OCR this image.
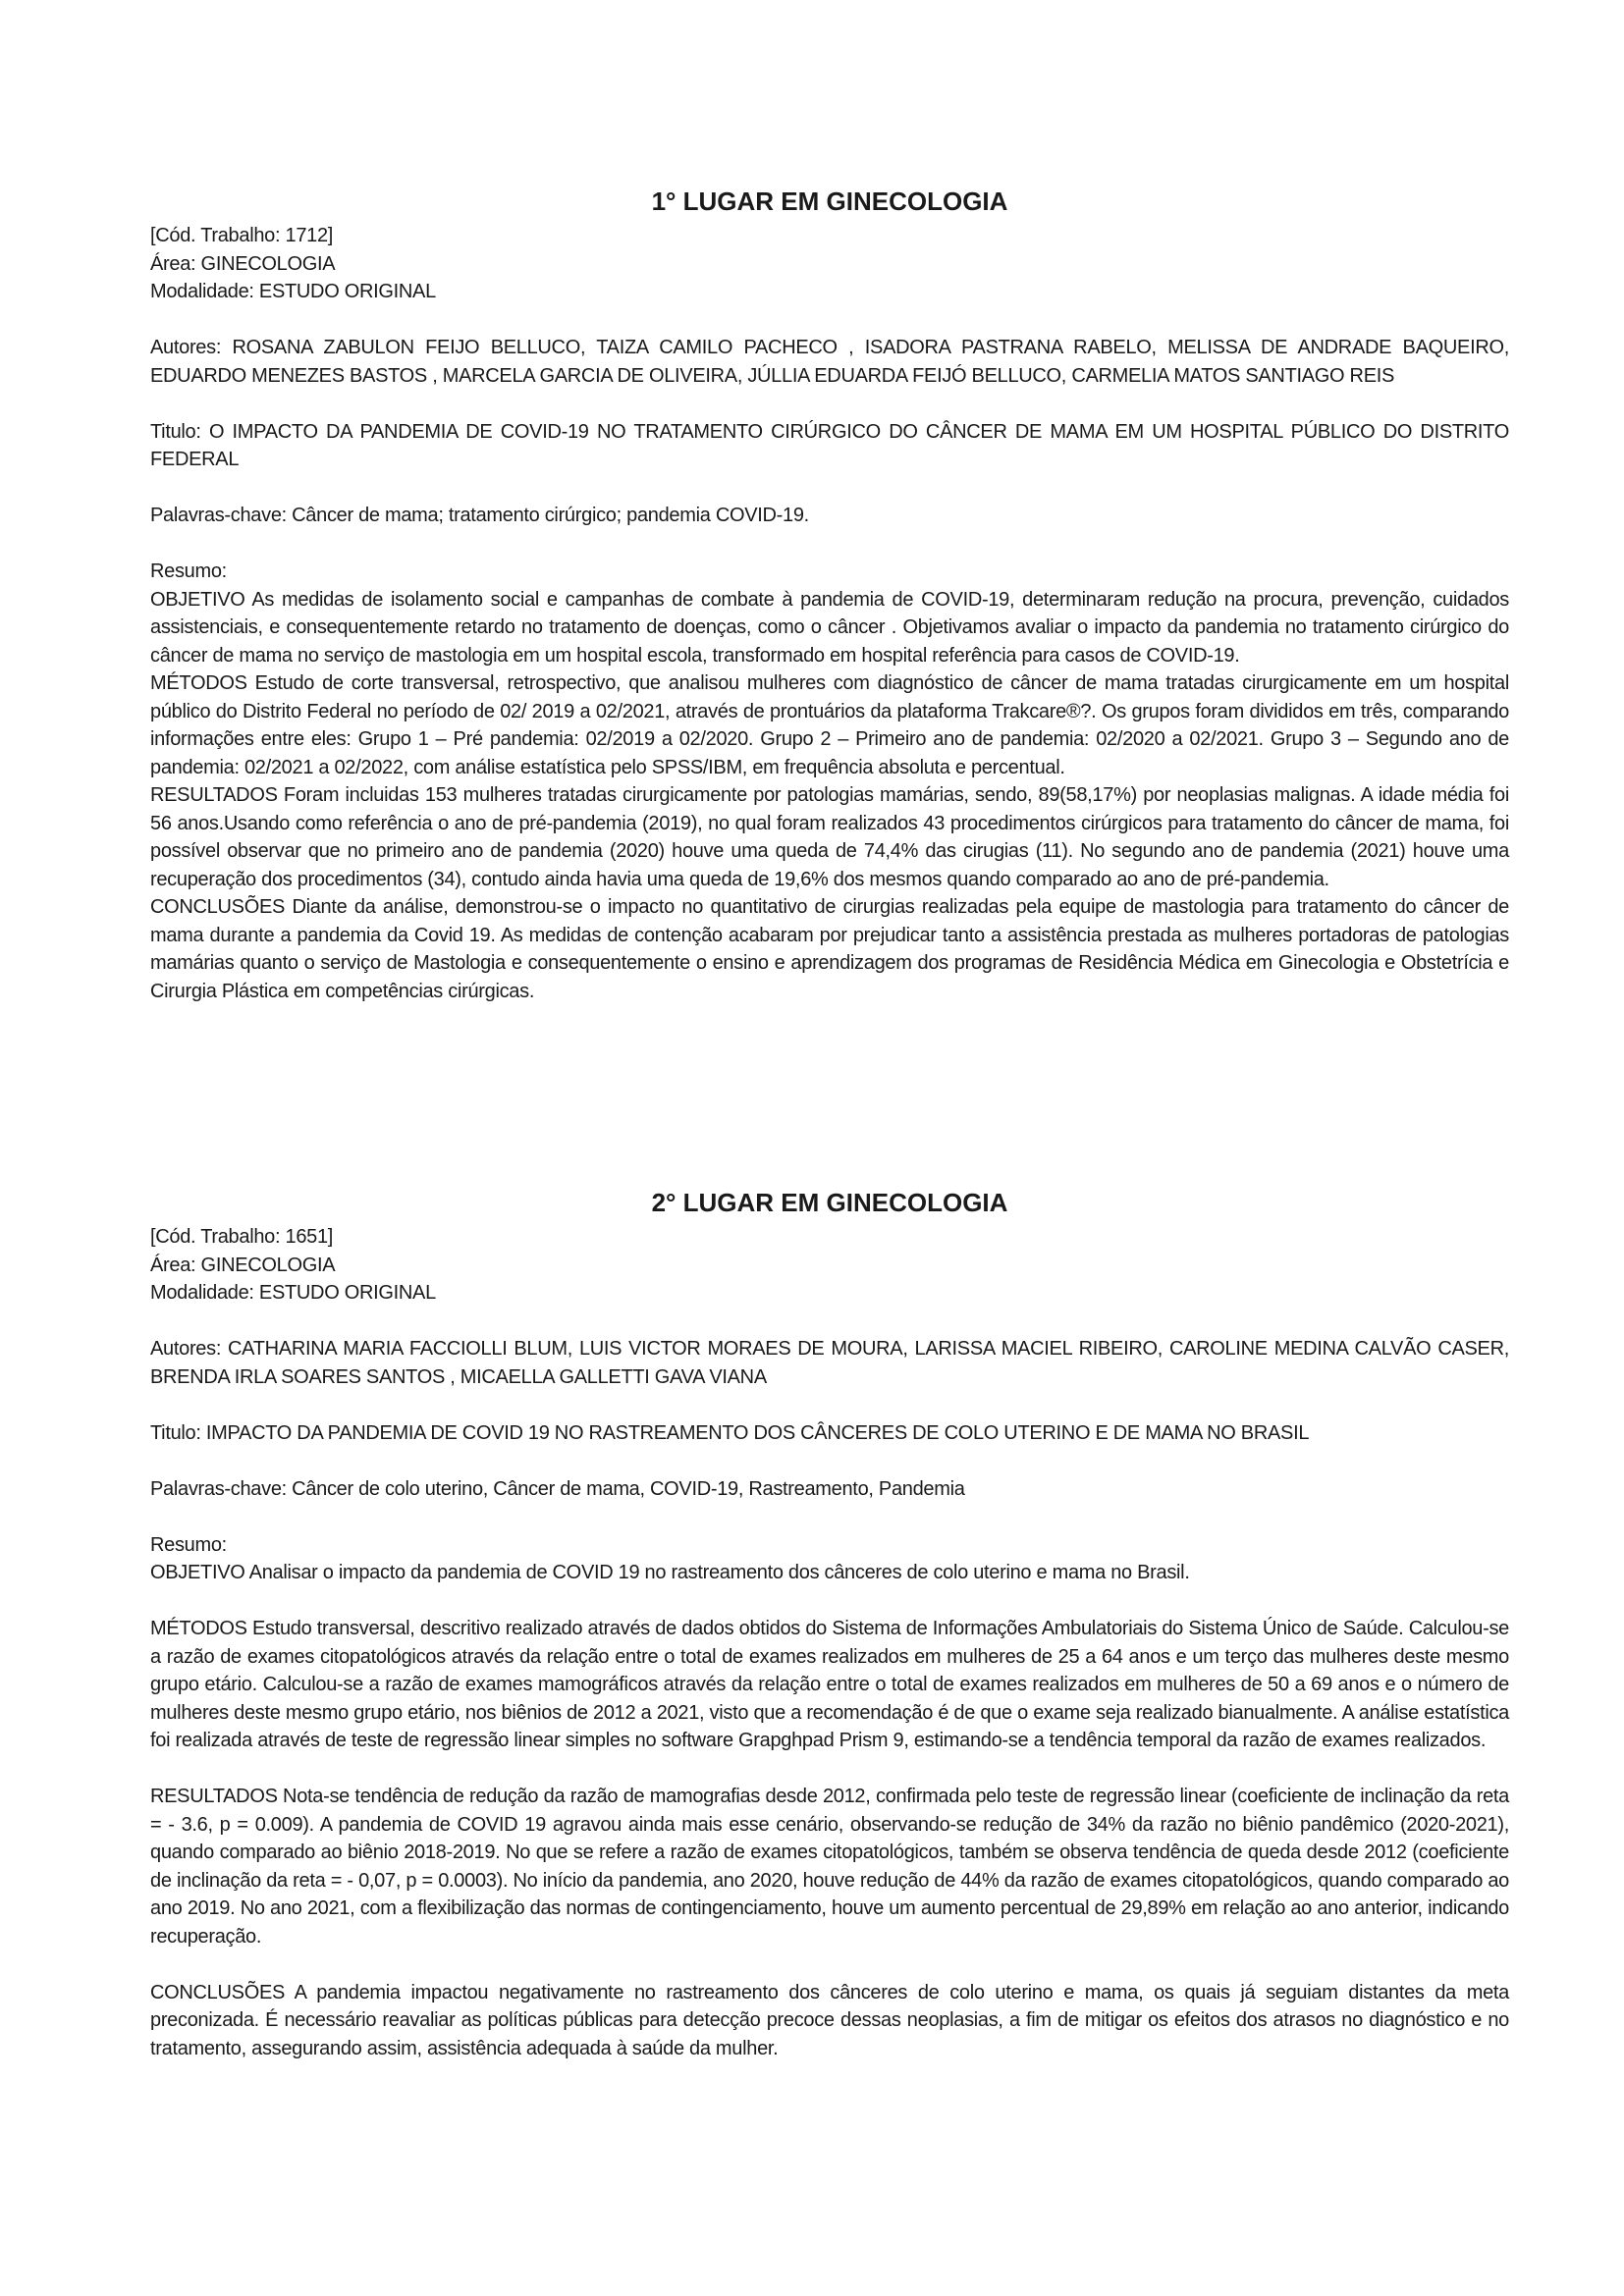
1° LUGAR EM GINECOLOGIA

[Cód. Trabalho: 1712]

Área: GINECOLOGIA

Modalidade: ESTUDO ORIGINAL

Autores: ROSANA ZABULON FEIJO BELLUCO, TAIZA CAMILO PACHECO , ISADORA PASTRANA RABELO, MELISSA DE ANDRADE BAQUEIRO, EDUARDO MENEZES BASTOS , MARCELA GARCIA DE OLIVEIRA, JÚLLIA EDUARDA FEIJÓ BELLUCO, CARMELIA MATOS SANTIAGO REIS

Titulo: O IMPACTO DA PANDEMIA DE COVID-19 NO TRATAMENTO CIRÚRGICO DO CÂNCER DE MAMA EM UM HOSPITAL PÚBLICO DO DISTRITO FEDERAL

Palavras-chave: Câncer de mama; tratamento cirúrgico; pandemia COVID-19.

Resumo:

OBJETIVO As medidas de isolamento social e campanhas de combate à pandemia de COVID-19, determinaram redução na procura, prevenção, cuidados assistenciais, e consequentemente retardo no tratamento de doenças, como o câncer . Objetivamos avaliar o impacto da pandemia no tratamento cirúrgico do câncer de mama no serviço de mastologia em um hospital escola, transformado em hospital referência para casos de COVID-19.

MÉTODOS Estudo de corte transversal, retrospectivo, que analisou mulheres com diagnóstico de câncer de mama tratadas cirurgicamente em um hospital público do Distrito Federal no período de 02/ 2019 a 02/2021, através de prontuários da plataforma Trakcare®?. Os grupos foram divididos em três, comparando informações entre eles: Grupo 1 – Pré pandemia: 02/2019 a 02/2020. Grupo 2 – Primeiro ano de pandemia: 02/2020 a 02/2021. Grupo 3 – Segundo ano de pandemia: 02/2021 a 02/2022, com análise estatística pelo SPSS/IBM, em frequência absoluta e percentual.

RESULTADOS Foram incluidas 153 mulheres tratadas cirurgicamente por patologias mamárias, sendo, 89(58,17%) por neoplasias malignas. A idade média foi 56 anos.Usando como referência o ano de pré-pandemia (2019), no qual foram realizados 43 procedimentos cirúrgicos para tratamento do câncer de mama, foi possível observar que no primeiro ano de pandemia (2020) houve uma queda de 74,4% das cirugias (11). No segundo ano de pandemia (2021) houve uma recuperação dos procedimentos (34), contudo ainda havia uma queda de 19,6% dos mesmos quando comparado ao ano de pré-pandemia.

CONCLUSÕES Diante da análise, demonstrou-se o impacto no quantitativo de cirurgias realizadas pela equipe de mastologia para tratamento do câncer de mama durante a pandemia da Covid 19. As medidas de contenção acabaram por prejudicar tanto a assistência prestada as mulheres portadoras de patologias mamárias quanto o serviço de Mastologia e consequentemente o ensino e aprendizagem dos programas de Residência Médica em Ginecologia e Obstetrícia e Cirurgia Plástica em competências cirúrgicas.

2° LUGAR EM GINECOLOGIA

[Cód. Trabalho: 1651]

Área: GINECOLOGIA

Modalidade: ESTUDO ORIGINAL

Autores: CATHARINA MARIA FACCIOLLI BLUM, LUIS VICTOR MORAES DE MOURA, LARISSA MACIEL RIBEIRO, CAROLINE MEDINA CALVÃO CASER, BRENDA IRLA SOARES SANTOS , MICAELLA GALLETTI GAVA VIANA

Titulo: IMPACTO DA PANDEMIA DE COVID 19 NO RASTREAMENTO DOS CÂNCERES DE COLO UTERINO E DE MAMA NO BRASIL

Palavras-chave: Câncer de colo uterino, Câncer de mama, COVID-19, Rastreamento, Pandemia

Resumo:

OBJETIVO Analisar o impacto da pandemia de COVID 19 no rastreamento dos cânceres de colo uterino e mama no Brasil.

MÉTODOS Estudo transversal, descritivo realizado através de dados obtidos do Sistema de Informações Ambulatoriais do Sistema Único de Saúde. Calculou-se a razão de exames citopatológicos através da relação entre o total de exames realizados em mulheres de 25 a 64 anos e um terço das mulheres deste mesmo grupo etário. Calculou-se a razão de exames mamográficos através da relação entre o total de exames realizados em mulheres de 50 a 69 anos e o número de mulheres deste mesmo grupo etário, nos biênios de 2012 a 2021, visto que a recomendação é de que o exame seja realizado bianualmente. A análise estatística foi realizada através de teste de regressão linear simples no software Grapghpad Prism 9, estimando-se a tendência temporal da razão de exames realizados.

RESULTADOS Nota-se tendência de redução da razão de mamografias desde 2012, confirmada pelo teste de regressão linear (coeficiente de inclinação da reta = - 3.6, p = 0.009). A pandemia de COVID 19 agravou ainda mais esse cenário, observando-se redução de 34% da razão no biênio pandêmico (2020-2021), quando comparado ao biênio 2018-2019. No que se refere a razão de exames citopatológicos, também se observa tendência de queda desde 2012 (coeficiente de inclinação da reta = - 0,07, p = 0.0003). No início da pandemia, ano 2020, houve redução de 44% da razão de exames citopatológicos, quando comparado ao ano 2019. No ano 2021, com a flexibilização das normas de contingenciamento, houve um aumento percentual de 29,89% em relação ao ano anterior, indicando recuperação.

CONCLUSÕES A pandemia impactou negativamente no rastreamento dos cânceres de colo uterino e mama, os quais já seguiam distantes da meta preconizada. É necessário reavaliar as políticas públicas para detecção precoce dessas neoplasias, a fim de mitigar os efeitos dos atrasos no diagnóstico e no tratamento, assegurando assim, assistência adequada à saúde da mulher.
